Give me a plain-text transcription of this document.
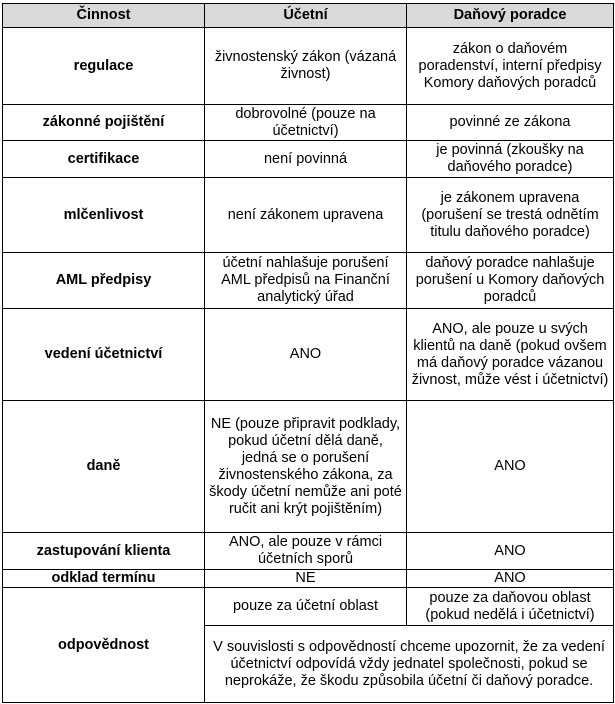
Činnost	Účetní	Daňový poradce
regulace	živnostenský zákon (vázaná živnost)	zákon o daňovém poradenství, interní předpisy Komory daňových poradců
zákonné pojištění	dobrovolné (pouze na účetnictví)	povinné ze zákona
certifikace	není povinná	je povinná (zkoušky na daňového poradce)
mlčenlivost	není zákonem upravena	je zákonem upravena (porušení se trestá odnětím titulu daňového poradce)
AML předpisy	účetní nahlašuje porušení AML předpisů na Finanční analytický úřad	daňový poradce nahlašuje porušení u Komory daňových poradců
vedení účetnictví	ANO	ANO, ale pouze u svých klientů na daně (pokud ovšem má daňový poradce vázanou živnost, může vést i účetnictví)
daně	NE (pouze připravit podklady, pokud účetní dělá daně, jedná se o porušení živnostenského zákona, za škody účetní nemůže ani poté ručit ani krýt pojištěním)	ANO
zastupování klienta	ANO, ale pouze v rámci účetních sporů	ANO
odklad termínu	NE	ANO
odpovědnost	pouze za účetní oblast	pouze za daňovou oblast (pokud nedělá i účetnictví)
	V souvislosti s odpovědností chceme upozornit, že za vedení účetnictví odpovídá vždy jednatel společnosti, pokud se neprokáže, že škodu způsobila účetní či daňový poradce.	
